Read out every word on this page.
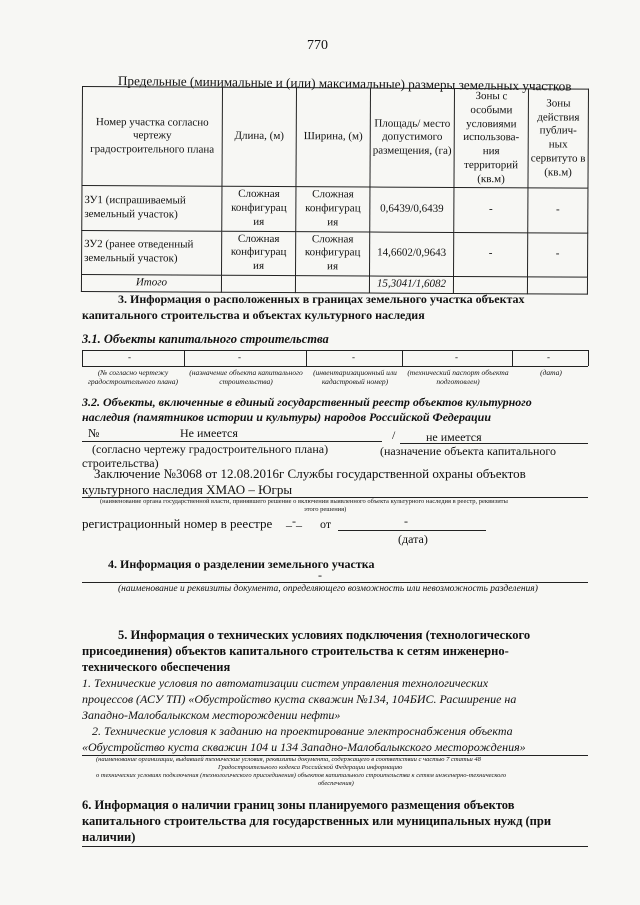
770
Предельные (минимальные и (или) максимальные) размеры земельных участков
Номер участка согласно чертежу градостроительного плана	Длина, (м)	Ширина, (м)	Площадь/ место допустимого размещения, (га)	Зоны с особыми условиями использова- ния территорий (кв.м)	Зоны действия публич- ных сервитуто в (кв.м)
ЗУ1 (испрашиваемый земельный участок)	Сложная конфигурац ия	Сложная конфигурац ия	0,6439/0,6439	-	-
ЗУ2 (ранее отведенный земельный участок)	Сложная конфигурац ия	Сложная конфигурац ия	14,6602/0,9643	-	-
Итого			15,3041/1,6082		
3. Информация о расположенных в границах земельного участка объектах
капитального строительства и объектах культурного наследия
3.1. Объекты капитального строительства
-	-	-	-	-
(№ согласно чертежу градостроительного плана)
(назначение объекта капитального строительства)
(инвентаризационный или кадастровый номер)
(технический паспорт объекта подготовлен)
(дата)
3.2. Объекты, включенные в единый государственный реестр объектов культурного
наследия (памятников истории и культуры) народов Российской Федерации
№	Не имеется	/	не имеется
(согласно чертежу градостроительного плана)	(назначение объекта капитального
строительства)
Заключение №3068 от 12.08.2016г Службы государственной охраны объектов
культурного наследия ХМАО – Югры
(наименование органа государственной власти, принявшего решение о включении выявленного объекта культурного наследия в реестр, реквизиты
этого решения)
регистрационный номер в реестре _-_ от	-
(дата)
4. Информация о разделении земельного участка
-
(наименование и реквизиты документа, определяющего возможность или невозможность разделения)
5. Информация о технических условиях подключения (технологического
присоединения) объектов капитального строительства к сетям инженерно-
технического обеспечения
1. Технические условия по автоматизации систем управления технологических
процессов (АСУ ТП) «Обустройство куста скважин №134, 104БИС. Расширение на
Западно-Малобалыкском месторождении нефти»
2. Технические условия к заданию на проектирование электроснабжения объекта
«Обустройство куста скважин 104 и 134 Западно-Малобалыкского месторождения»
(наименование организации, выдавшей технические условия, реквизиты документа, содержащего в соответствии с частью 7 статьи 48
Градостроительного кодекса Российской Федерации информацию
о технических условиях подключения (технологического присоединения) объектов капитального строительства к сетям инженерно-технического
обеспечения)
6. Информация о наличии границ зоны планируемого размещения объектов
капитального строительства для государственных или муниципальных нужд (при
наличии)
